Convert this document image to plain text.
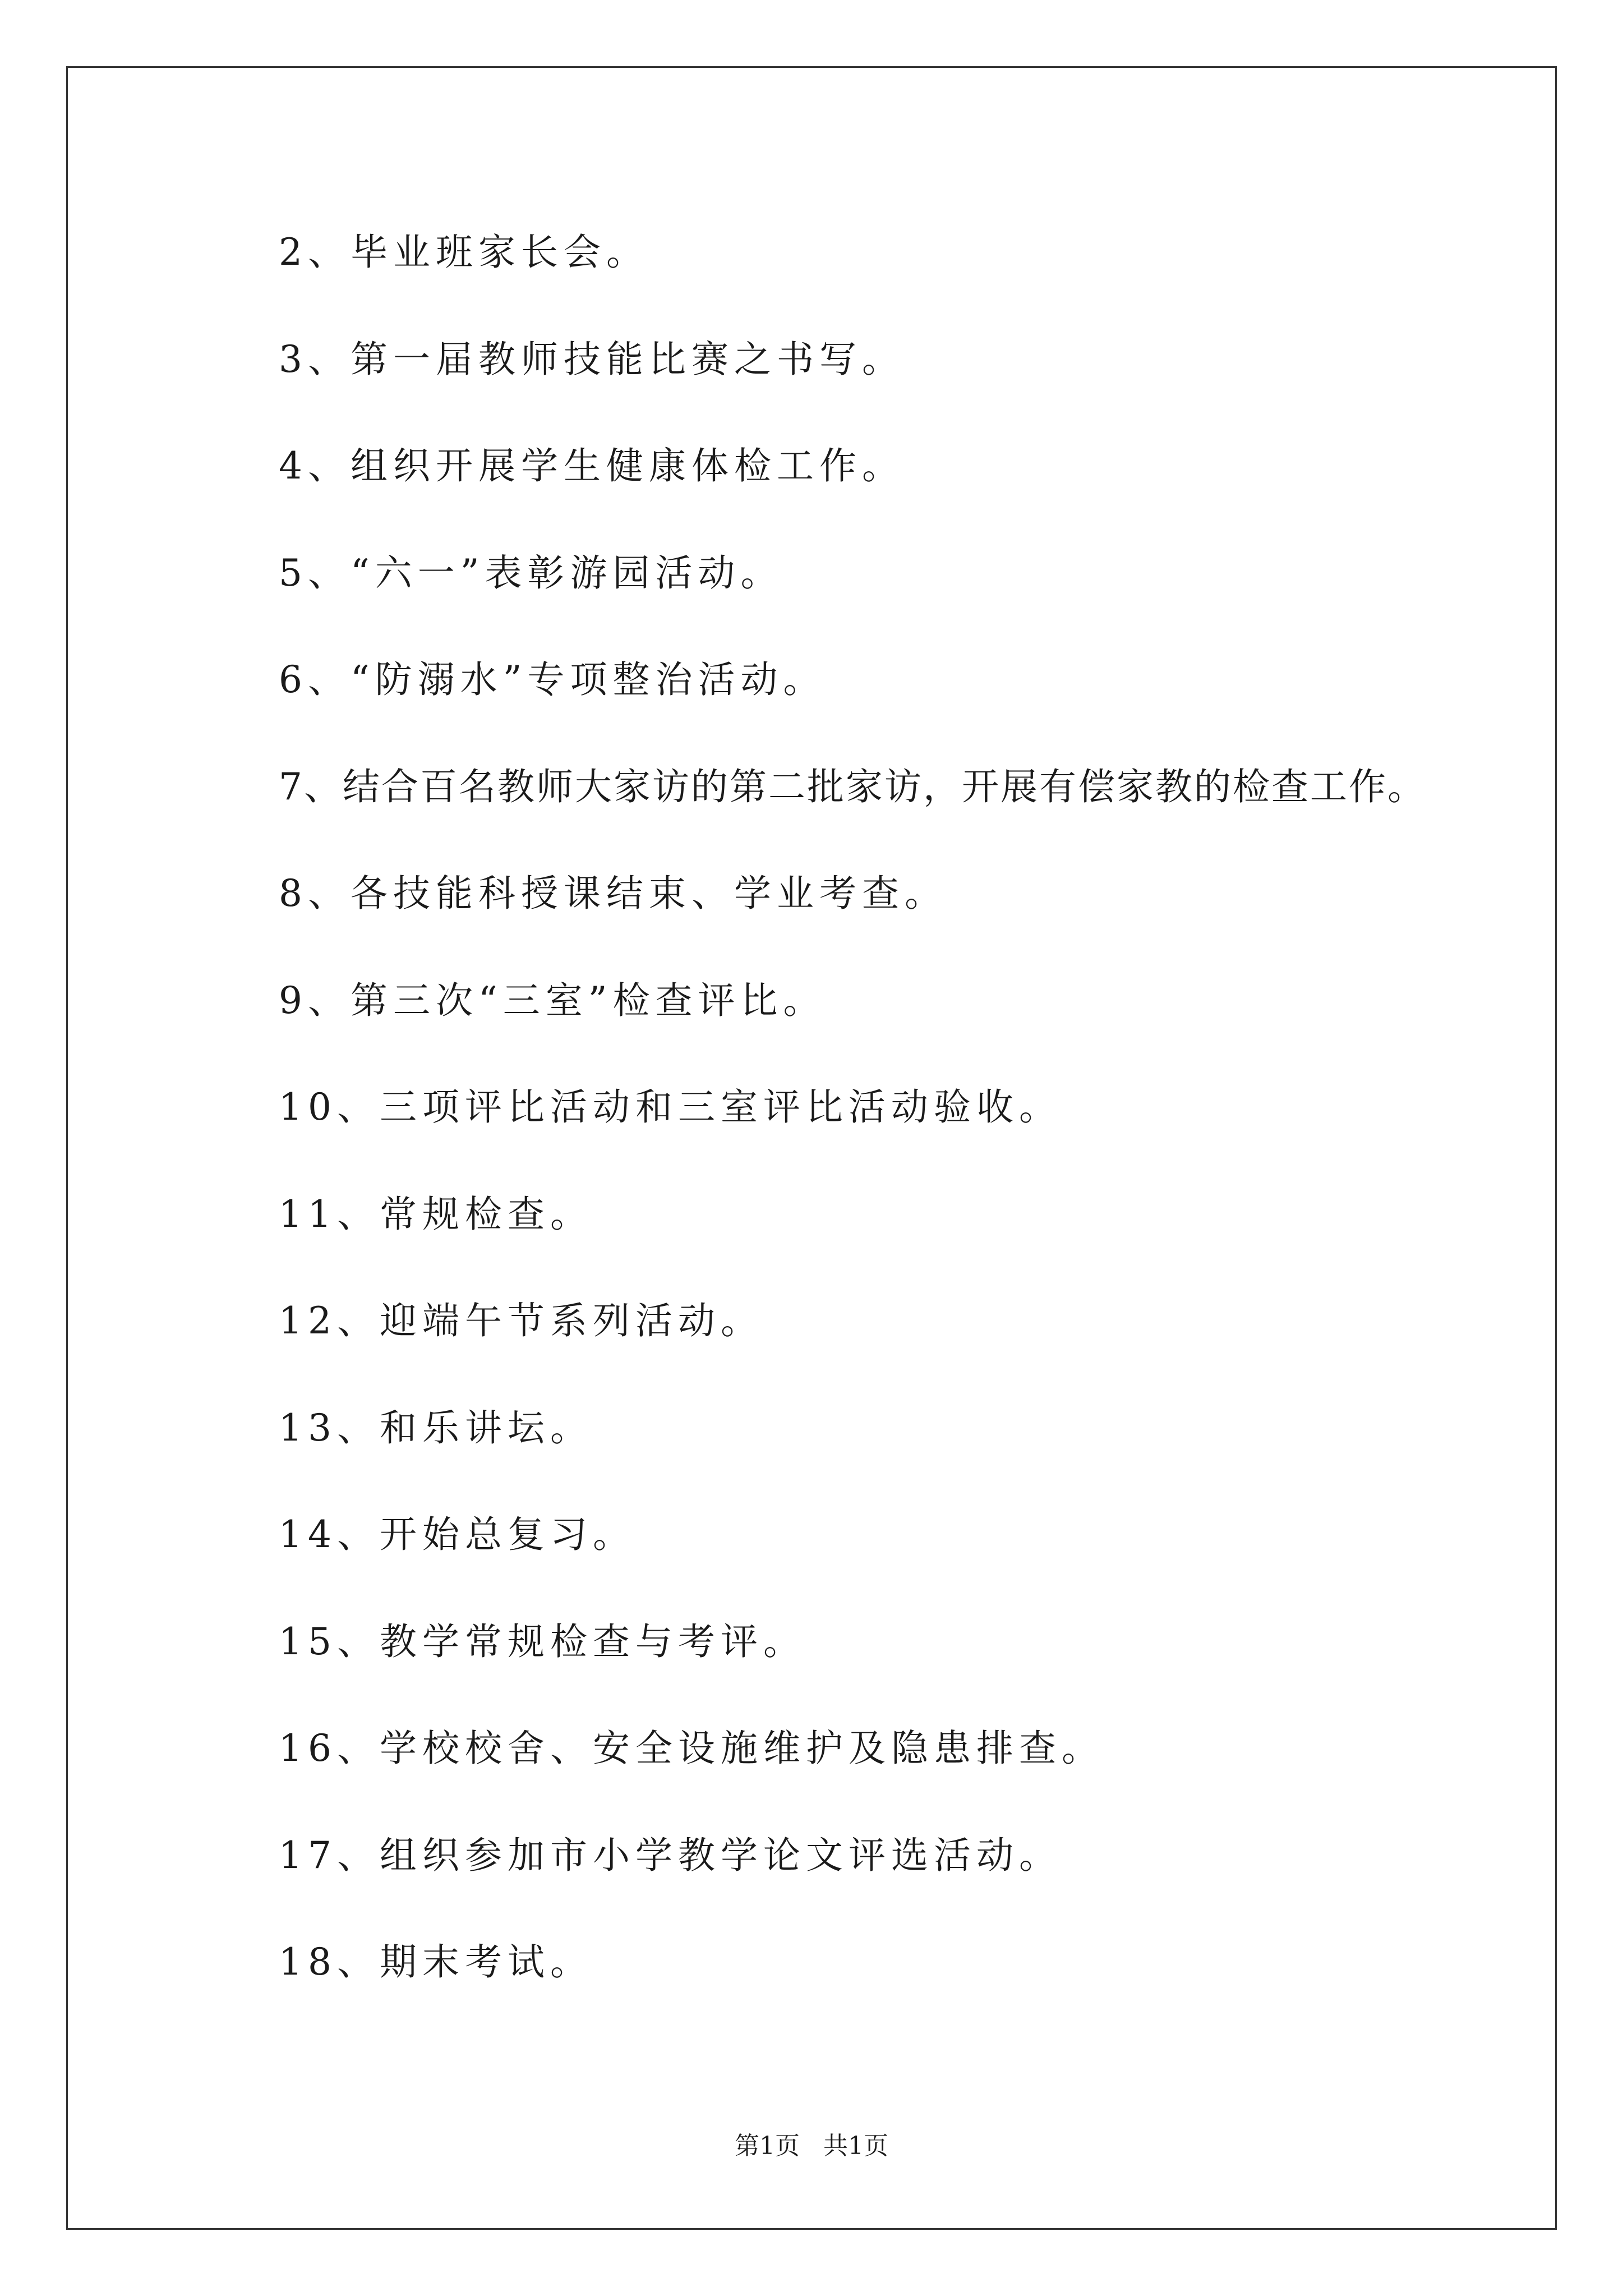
2、毕业班家长会。
3、第一届教师技能比赛之书写。
4、组织开展学生健康体检工作。
5、“六一”表彰游园活动。
6、“防溺水”专项整治活动。
7、结合百名教师大家访的第二批家访，开展有偿家教的检查工作。
8、各技能科授课结束、学业考查。
9、第三次“三室”检查评比。
10、三项评比活动和三室评比活动验收。
11、常规检查。
12、迎端午节系列活动。
13、和乐讲坛。
14、开始总复习。
15、教学常规检查与考评。
16、学校校舍、安全设施维护及隐患排查。
17、组织参加市小学教学论文评选活动。
18、期末考试。
第1页   共1页
